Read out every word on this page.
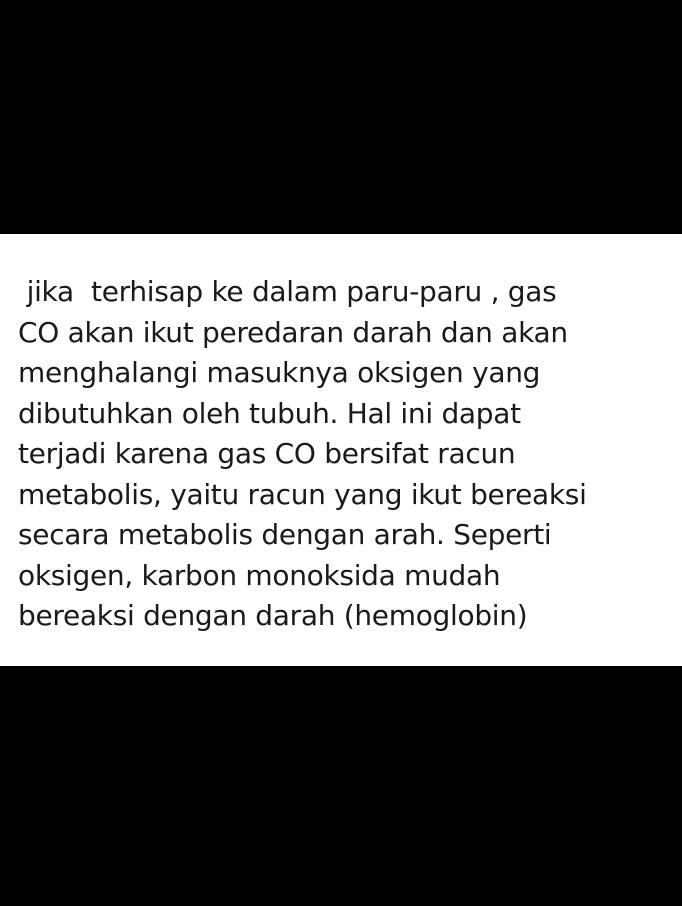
jika  terhisap ke dalam paru-paru , gas
CO akan ikut peredaran darah dan akan
menghalangi masuknya oksigen yang
dibutuhkan oleh tubuh. Hal ini dapat
terjadi karena gas CO bersifat racun
metabolis, yaitu racun yang ikut bereaksi
secara metabolis dengan arah. Seperti
oksigen, karbon monoksida mudah
bereaksi dengan darah (hemoglobin)
